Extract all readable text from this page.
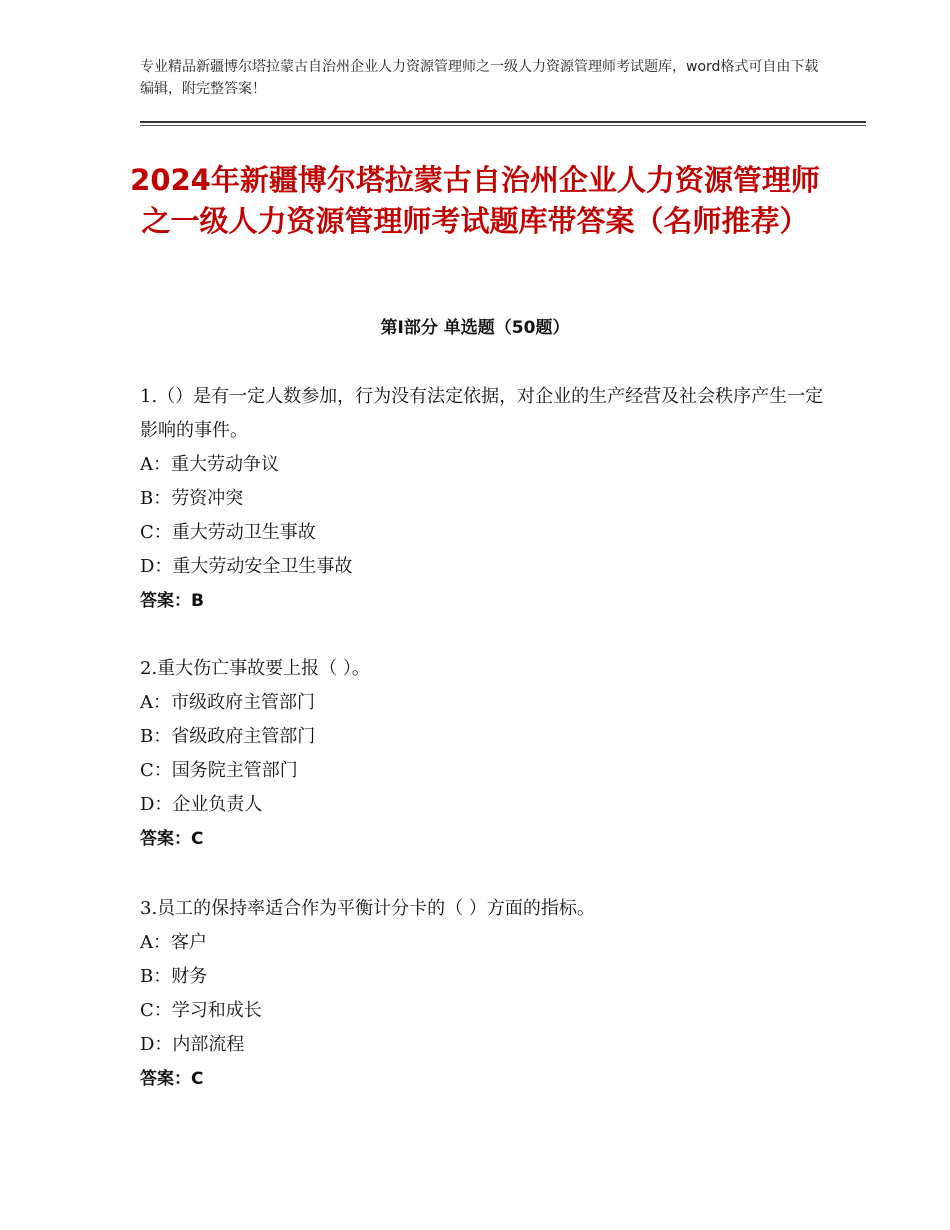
专业精品新疆博尔塔拉蒙古自治州企业人力资源管理师之一级人力资源管理师考试题库，word格式可自由下载编辑，附完整答案！
2024年新疆博尔塔拉蒙古自治州企业人力资源管理师之一级人力资源管理师考试题库带答案（名师推荐）
第Ⅰ部分 单选题（50题）

1.（）是有一定人数参加，行为没有法定依据，对企业的生产经营及社会秩序产生一定影响的事件。

A：重大劳动争议

B：劳资冲突

C：重大劳动卫生事故

D：重大劳动安全卫生事故

答案：B

2.重大伤亡事故要上报（ ）。

A：市级政府主管部门

B：省级政府主管部门

C：国务院主管部门

D：企业负责人

答案：C

3.员工的保持率适合作为平衡计分卡的（ ）方面的指标。

A：客户

B：财务

C：学习和成长

D：内部流程

答案：C
